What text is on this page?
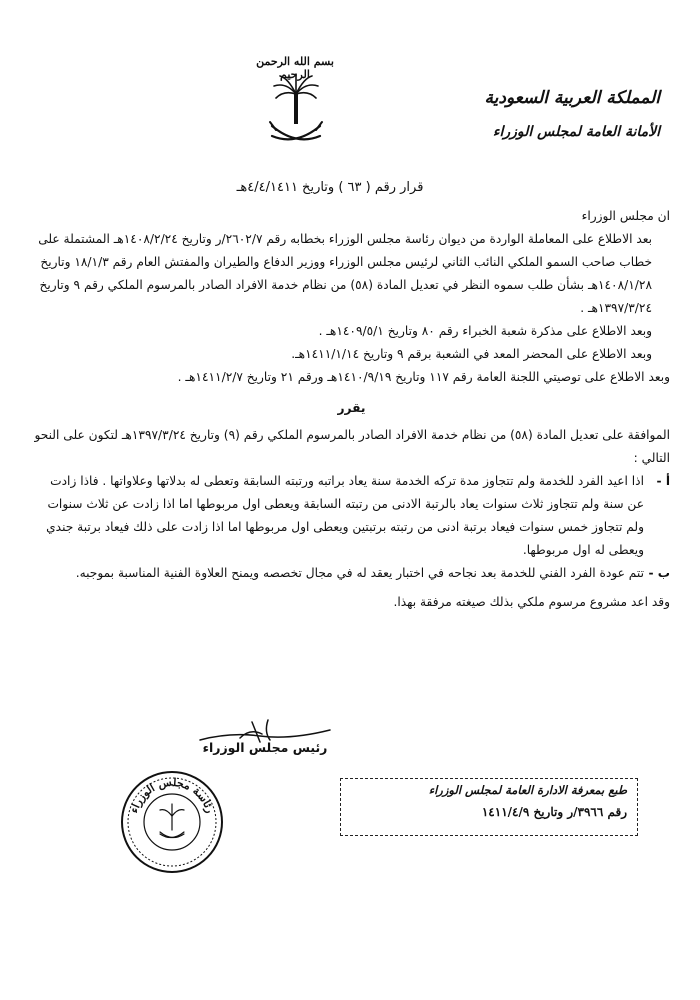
بسم الله الرحمن الرحيم
المملكة العربية السعودية
الأمانة العامة لمجلس الوزراء
قرار رقم ( ٦٣ ) وتاريخ ٤/٤/١٤١١هـ

ان مجلس الوزراء

بعد الاطلاع على المعاملة الواردة من ديوان رئاسة مجلس الوزراء بخطابه رقم ٢٦٠٢/٧/ر وتاريخ ١٤٠٨/٢/٢٤هـ المشتملة على خطاب صاحب السمو الملكي النائب الثاني لرئيس مجلس الوزراء ووزير الدفاع والطيران والمفتش العام رقم ١٨/١/٣ وتاريخ ١٤٠٨/١/٢٨هـ بشأن طلب سموه النظر في تعديل المادة (٥٨) من نظام خدمة الافراد الصادر بالمرسوم الملكي رقم ٩ وتاريخ ١٣٩٧/٣/٢٤هـ .

وبعد الاطلاع على مذكرة شعبة الخبراء رقم ٨٠ وتاريخ ١٤٠٩/٥/١هـ .

وبعد الاطلاع على المحضر المعد في الشعبة برقم ٩ وتاريخ ١٤١١/١/١٤هـ.

وبعد الاطلاع على توصيتي اللجنة العامة رقم ١١٧ وتاريخ ١٤١٠/٩/١٩هـ ورقم ٢١ وتاريخ ١٤١١/٢/٧هـ .

يقرر

الموافقة على تعديل المادة (٥٨) من نظام خدمة الافراد الصادر بالمرسوم الملكي رقم (٩) وتاريخ ١٣٩٧/٣/٢٤هـ لتكون على النحو التالي :

أ -
اذا اعيد الفرد للخدمة ولم تتجاوز مدة تركه الخدمة سنة يعاد براتبه ورتبته السابقة وتعطى له بدلاتها وعلاواتها . فاذا زادت عن سنة ولم تتجاوز ثلاث سنوات يعاد بالرتبة الادنى من رتبته السابقة ويعطى اول مربوطها اما اذا زادت عن ثلاث سنوات ولم تتجاوز خمس سنوات فيعاد برتبة ادنى من رتبته برتبتين ويعطى اول مربوطها اما اذا زادت على ذلك فيعاد برتبة جندي ويعطى له اول مربوطها.
ب -
تتم عودة الفرد الفني للخدمة بعد نجاحه في اختبار يعقد له في مجال تخصصه ويمنح العلاوة الفنية المناسبة بموجبه.

وقد اعد مشروع مرسوم ملكي بذلك صيغته مرفقة بهذا.

رئيس مجلس الوزراء
رئاسة مجلس الوزراء
طبع بمعرفة الادارة العامة لمجلس الوزراء
رقم ٣٩٦٦/ر وتاريخ ١٤١١/٤/٩
